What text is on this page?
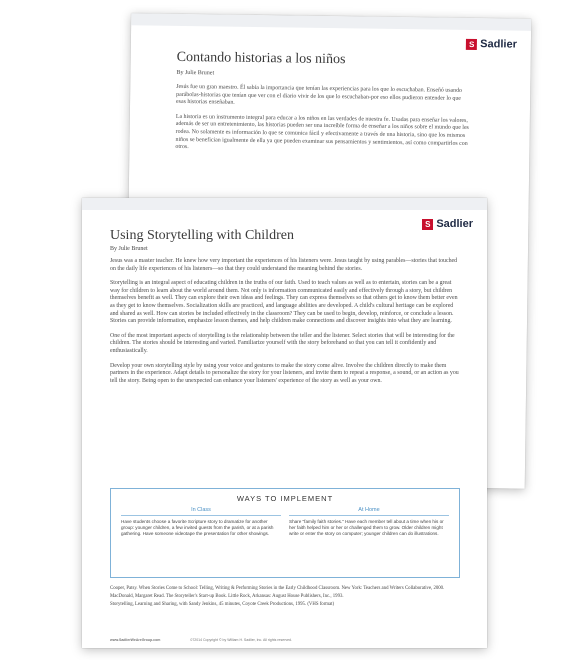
S Sadlier
Contando historias a los niños
By Julie Brunet

Jesús fue un gran maestro. Él sabía la importancia que tenían las experiencias para los que lo escuchaban. Enseñó usando parábolas-historias que tenían que ver con el diario vivir de los que lo escuchaban-por eso ellos pudieron entender lo que esas historias enseñaban.

La historia es un instrumento integral para educar a los niños en las verdades de nuestra fe. Usadas para enseñar los valores, además de ser un entretenimiento, las historias pueden ser una increíble forma de enseñar a los niños sobre el mundo que les rodea. No solamente es información lo que se comunica fácil y efectivamente a través de una historia, sino que los mismos niños se benefician igualmente de ella ya que pueden examinar sus pensamientos y sentimientos, así como compartirlos con otros.

S Sadlier
Using Storytelling with Children
By Julie Brunet

Jesus was a master teacher. He knew how very important the experiences of his listeners were. Jesus taught by using parables—stories that touched on the daily life experiences of his listeners—so that they could understand the meaning behind the stories.

Storytelling is an integral aspect of educating children in the truths of our faith. Used to teach values as well as to entertain, stories can be a great way for children to learn about the world around them. Not only is information communicated easily and effectively through a story, but children themselves benefit as well. They can explore their own ideas and feelings. They can express themselves so that others get to know them better even as they get to know themselves. Socialization skills are practiced, and language abilities are developed. A child's cultural heritage can be explored and shared as well. How can stories be included effectively in the classroom? They can be used to begin, develop, reinforce, or conclude a lesson. Stories can provide information, emphasize lesson themes, and help children make connections and discover insights into what they are learning.

One of the most important aspects of storytelling is the relationship between the teller and the listener. Select stories that will be interesting for the children. The stories should be interesting and varied. Familiarize yourself with the story beforehand so that you can tell it confidently and enthusiastically.

Develop your own storytelling style by using your voice and gestures to make the story come alive. Involve the children directly to make them partners in the experience. Adapt details to personalize the story for your listeners, and invite them to repeat a response, a sound, or an action as you tell the story. Being open to the unexpected can enhance your listeners' experience of the story as well as your own.

WAYS TO IMPLEMENT
In Class
Have students choose a favorite Scripture story to dramatize for another group: younger children, a few invited guests from the parish, or at a parish gathering. Have someone videotape the presentation for other showings.
At Home
Share "family faith stories." Have each member tell about a time when his or her faith helped him or her or challenged them to grow. Older children might write or enter the story on computer; younger children can do illustrations.

Cooper, Patsy. When Stories Come to School: Telling, Writing & Performing Stories in the Early Childhood Classroom. New York: Teachers and Writers Collaborative, 2000.

MacDonald, Margaret Read. The Storyteller's Start-up Book. Little Rock, Arkansas: August House Publishers, Inc., 1993.

Storytelling, Learning and Sharing, with Sandy Jenkins, 45 minutes, Coyote Creek Productions, 1995. (VHS format)

www.SadlierWeAreGroup.com	072014 Copyright © by William H. Sadlier, Inc. All rights reserved.
